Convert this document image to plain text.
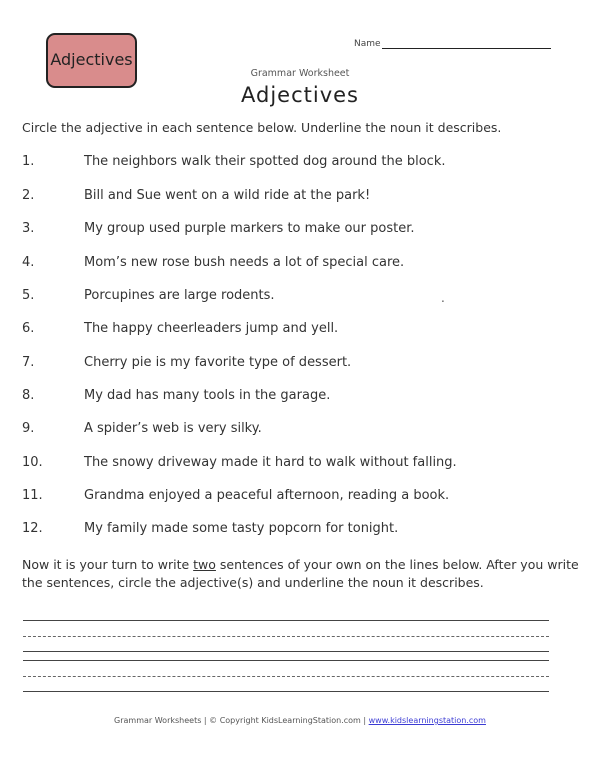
Adjectives
Name
Grammar Worksheet
Adjectives
Circle the adjective in each sentence below. Underline the noun it describes.
1.	The neighbors walk their spotted dog around the block.
2.	Bill and Sue went on a wild ride at the park!
3.	My group used purple markers to make our poster.
4.	Mom’s new rose bush needs a lot of special care.
5.	Porcupines are large rodents.	.
6.	The happy cheerleaders jump and yell.
7.	Cherry pie is my favorite type of dessert.
8.	My dad has many tools in the garage.
9.	A spider’s web is very silky.
10.	The snowy driveway made it hard to walk without falling.
11.	Grandma enjoyed a peaceful afternoon, reading a book.
12.	My family made some tasty popcorn for tonight.
Now it is your turn to write two sentences of your own on the lines below. After you write the sentences, circle the adjective(s) and underline the noun it describes.
Grammar Worksheets | © Copyright KidsLearningStation.com | www.kidslearningstation.com
